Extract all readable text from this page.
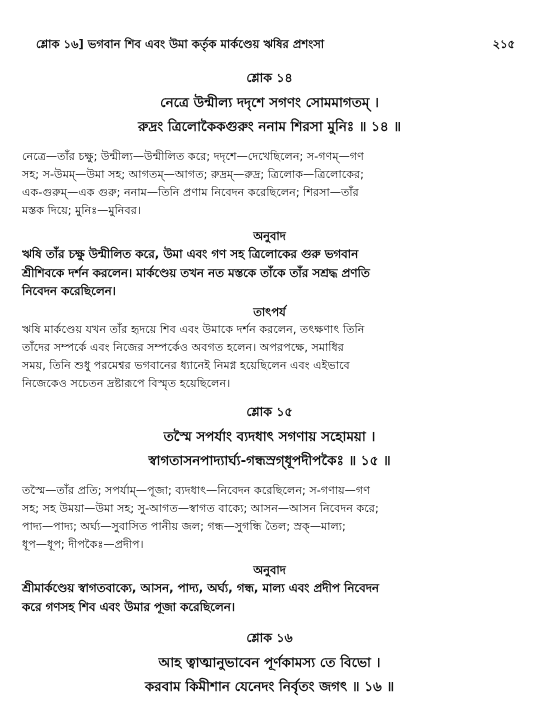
শ্লোক ১৬] ভগবান শিব এবং উমা কর্তৃক মার্কণ্ডেয় ঋষির প্রশংসা	২১৫
শ্লোক ১৪
নেত্রে উন্মীল্য দদৃশে সগণং সোমমাগতম্ ।
রুদ্রং ত্রিলোকৈকগুরুং ননাম শিরসা মুনিঃ ॥ ১৪ ॥
নেত্রে—তাঁর চক্ষু; উন্মীল্য—উন্মীলিত করে; দদৃশে—দেখেছিলেন; স-গণম্—গণ
সহ; স-উমম্—উমা সহ; আগতম্—আগত; রুদ্রম্—রুদ্র; ত্রিলোক—ত্রিলোকের;
এক-গুরুম্—এক গুরু; ননাম—তিনি প্রণাম নিবেদন করেছিলেন; শিরসা—তাঁর
মস্তক দিয়ে; মুনিঃ—মুনিবর।
অনুবাদ
ঋষি তাঁর চক্ষু উন্মীলিত করে, উমা এবং গণ সহ ত্রিলোকের গুরু ভগবান
শ্রীশিবকে দর্শন করলেন। মার্কণ্ডেয় তখন নত মস্তকে তাঁকে তাঁর সশ্রদ্ধ প্রণতি
নিবেদন করেছিলেন।
তাৎপর্য
ঋষি মার্কণ্ডেয় যখন তাঁর হৃদয়ে শিব এবং উমাকে দর্শন করলেন, তৎক্ষণাৎ তিনি
তাঁদের সম্পর্কে এবং নিজের সম্পর্কেও অবগত হলেন। অপরপক্ষে, সমাধির
সময়, তিনি শুধু পরমেশ্বর ভগবানের ধ্যানেই নিমগ্ন হয়েছিলেন এবং এইভাবে
নিজেকেও সচেতন দ্রষ্টারূপে বিস্মৃত হয়েছিলেন।
শ্লোক ১৫
তস্মৈ সপর্যাং ব্যদধাৎ সগণায় সহোময়া ।
স্বাগতাসনপাদ্যার্ঘ্য-গন্ধস্রগ্‌ধূপদীপকৈঃ ॥ ১৫ ॥
তস্মৈ—তাঁর প্রতি; সপর্যাম্—পূজা; ব্যদধাৎ—নিবেদন করেছিলেন; স-গণায়—গণ
সহ; সহ উময়া—উমা সহ; সু-আগত—স্বাগত বাক্যে; আসন—আসন নিবেদন করে;
পাদ্য—পাদ্য; অর্ঘ্য—সুবাসিত পানীয় জল; গন্ধ—সুগন্ধি তৈল; স্রক্—মাল্য;
ধূপ—ধূপ; দীপকৈঃ—প্রদীপ।
অনুবাদ
শ্রীমার্কণ্ডেয় স্বাগতবাক্যে, আসন, পাদ্য, অর্ঘ্য, গন্ধ, মাল্য এবং প্রদীপ নিবেদন
করে গণসহ শিব এবং উমার পূজা করেছিলেন।
শ্লোক ১৬
আহ ত্বাত্মানুভাবেন পূর্ণকামস্য তে বিভো ।
করবাম কিমীশান যেনেদং নির্বৃতং জগৎ ॥ ১৬ ॥
